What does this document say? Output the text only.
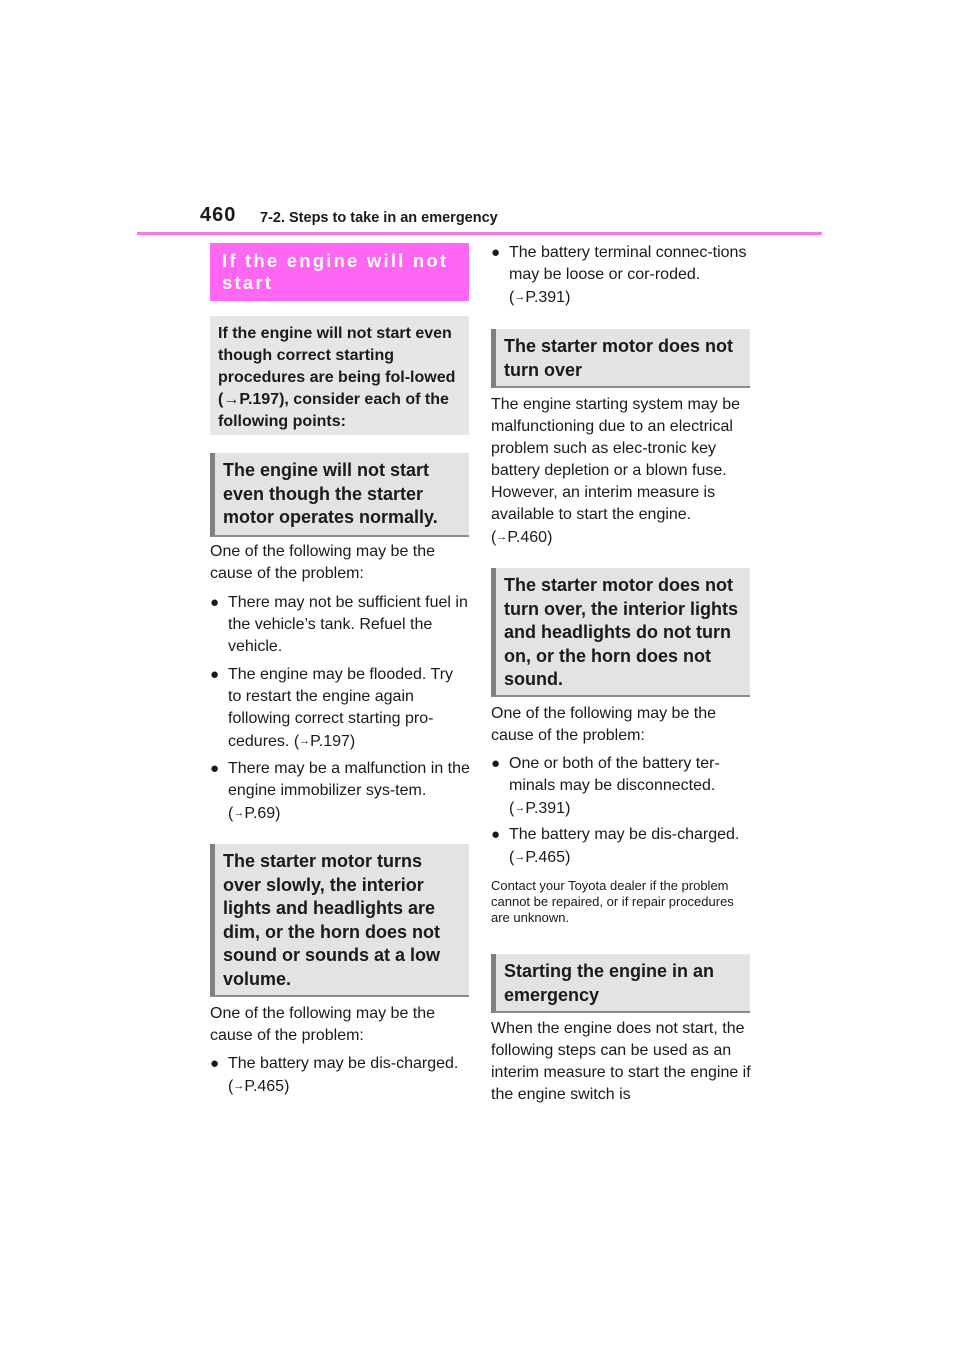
460 7-2. Steps to take in an emergency
If the engine will not start
If the engine will not start even though correct starting procedures are being fol-lowed (→P.197), consider each of the following points:
The engine will not start even though the starter motor operates normally.
One of the following may be the cause of the problem:
● There may not be sufficient fuel in the vehicle’s tank. Refuel the vehicle.
● The engine may be flooded. Try to restart the engine again following correct starting pro-cedures. (→P.197)
● There may be a malfunction in the engine immobilizer sys-tem. (→P.69)
The starter motor turns over slowly, the interior lights and headlights are dim, or the horn does not sound or sounds at a low volume.
One of the following may be the cause of the problem:
● The battery may be dis-charged. (→P.465)
● The battery terminal connec-tions may be loose or cor-roded. (→P.391)
The starter motor does not turn over
The engine starting system may be malfunctioning due to an electrical problem such as elec-tronic key battery depletion or a blown fuse. However, an interim measure is available to start the engine. (→P.460)
The starter motor does not turn over, the interior lights and headlights do not turn on, or the horn does not sound.
One of the following may be the cause of the problem:
● One or both of the battery ter-minals may be disconnected. (→P.391)
● The battery may be dis-charged. (→P.465)
Contact your Toyota dealer if the problem cannot be repaired, or if repair procedures are unknown.
Starting the engine in an emergency
When the engine does not start, the following steps can be used as an interim measure to start the engine if the engine switch is
